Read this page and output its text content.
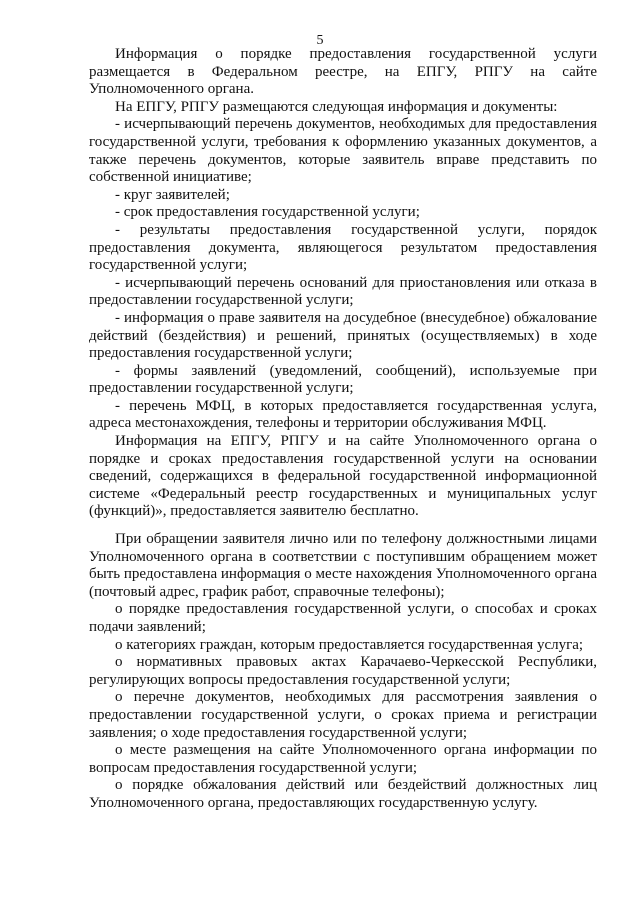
5

Информация о порядке предоставления государственной услуги размещается в Федеральном реестре, на ЕПГУ, РПГУ на сайте Уполномоченного органа.

На ЕПГУ, РПГУ размещаются следующая информация и документы:

- исчерпывающий перечень документов, необходимых для предоставления государственной услуги, требования к оформлению указанных документов, а также перечень документов, которые заявитель вправе представить по собственной инициативе;

- круг заявителей;

- срок предоставления государственной услуги;

- результаты предоставления государственной услуги, порядок предоставления документа, являющегося результатом предоставления государственной услуги;

- исчерпывающий перечень оснований для приостановления или отказа в предоставлении государственной услуги;

- информация о праве заявителя на досудебное (внесудебное) обжалование действий (бездействия) и решений, принятых (осуществляемых) в ходе предоставления государственной услуги;

- формы заявлений (уведомлений, сообщений), используемые при предоставлении государственной услуги;

- перечень МФЦ, в которых предоставляется государственная услуга, адреса местонахождения, телефоны и территории обслуживания МФЦ.

Информация на ЕПГУ, РПГУ и на сайте Уполномоченного органа о порядке и сроках предоставления государственной услуги на основании сведений, содержащихся в федеральной государственной информационной системе «Федеральный реестр государственных и муниципальных услуг (функций)», предоставляется заявителю бесплатно.

При обращении заявителя лично или по телефону должностными лицами Уполномоченного органа в соответствии с поступившим обращением может быть предоставлена информация о месте нахождения Уполномоченного органа (почтовый адрес, график работ, справочные телефоны);

о порядке предоставления государственной услуги, о способах и сроках подачи заявлений;

о категориях граждан, которым предоставляется государственная услуга;

о нормативных правовых актах Карачаево-Черкесской Республики, регулирующих вопросы предоставления государственной услуги;

о перечне документов, необходимых для рассмотрения заявления о предоставлении государственной услуги, о сроках приема и регистрации заявления; о ходе предоставления государственной услуги;

о месте размещения на сайте Уполномоченного органа информации по вопросам предоставления государственной услуги;

о порядке обжалования действий или бездействий должностных лиц Уполномоченного органа, предоставляющих государственную услугу.
